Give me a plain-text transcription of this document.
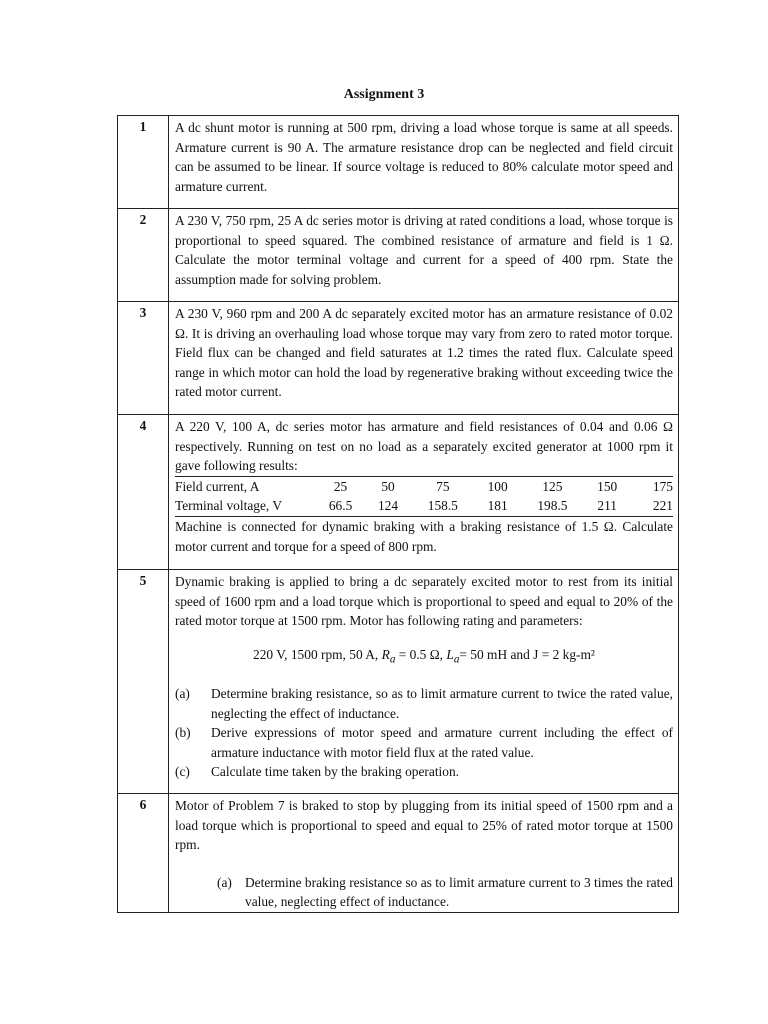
Assignment 3
1	A dc shunt motor is running at 500 rpm, driving a load whose torque is same at all speeds. Armature current is 90 A. The armature resistance drop can be neglected and field circuit can be assumed to be linear. If source voltage is reduced to 80% calculate motor speed and armature current.

2	A 230 V, 750 rpm, 25 A dc series motor is driving at rated conditions a load, whose torque is proportional to speed squared. The combined resistance of armature and field is 1 Ω. Calculate the motor terminal voltage and current for a speed of 400 rpm. State the assumption made for solving problem.

3	A 230 V, 960 rpm and 200 A dc separately excited motor has an armature resistance of 0.02 Ω. It is driving an overhauling load whose torque may vary from zero to rated motor torque. Field flux can be changed and field saturates at 1.2 times the rated flux. Calculate speed range in which motor can hold the load by regenerative braking without exceeding twice the rated motor current.

4	A 220 V, 100 A, dc series motor has armature and field resistances of 0.04 and 0.06 Ω respectively. Running on test on no load as a separately excited generator at 1000 rpm it gave following results:

Field current, A	25	50	75	100	125	150	175
Terminal voltage, V	66.5	124	158.5	181	198.5	211	221

Machine is connected for dynamic braking with a braking resistance of 1.5 Ω. Calculate motor current and torque for a speed of 800 rpm.

5	Dynamic braking is applied to bring a dc separately excited motor to rest from its initial speed of 1600 rpm and a load torque which is proportional to speed and equal to 20% of the rated motor torque at 1500 rpm. Motor has following rating and parameters:

220 V, 1500 rpm, 50 A, $R_a = 0.5$ Ω, $L_a= 50$ mH and J = 2 kg-m²
(a)	Determine braking resistance, so as to limit armature current to twice the rated value, neglecting the effect of inductance.

(b)	Derive expressions of motor speed and armature current including the effect of armature inductance with motor field flux at the rated value.

(c)	Calculate time taken by the braking operation.

6	Motor of Problem 7 is braked to stop by plugging from its initial speed of 1500 rpm and a load torque which is proportional to speed and equal to 25% of rated motor torque at 1500 rpm.

(a) Determine braking resistance so as to limit armature current to 3 times the rated value, neglecting effect of inductance.
